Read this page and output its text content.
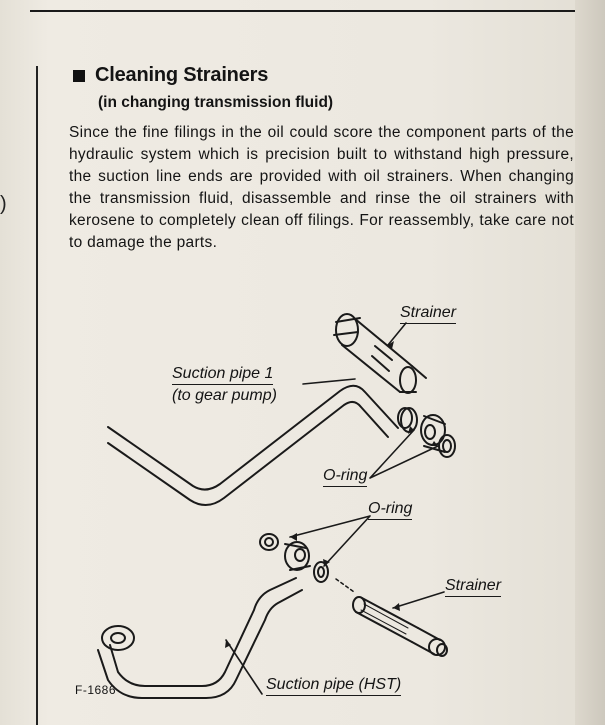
)
Cleaning Strainers
(in changing transmission fluid)
Since the fine filings in the oil could score the component parts of the hydraulic system which is precision built to withstand high pressure, the suction line ends are provided with oil strainers. When changing the transmission fluid, disassemble and rinse the oil strainers with kerosene to completely clean off filings. For reassembly, take care not to damage the parts.
Strainer
Suction pipe 1
(to gear pump)
O-ring
O-ring
Strainer
Suction pipe (HST)
F-1686
